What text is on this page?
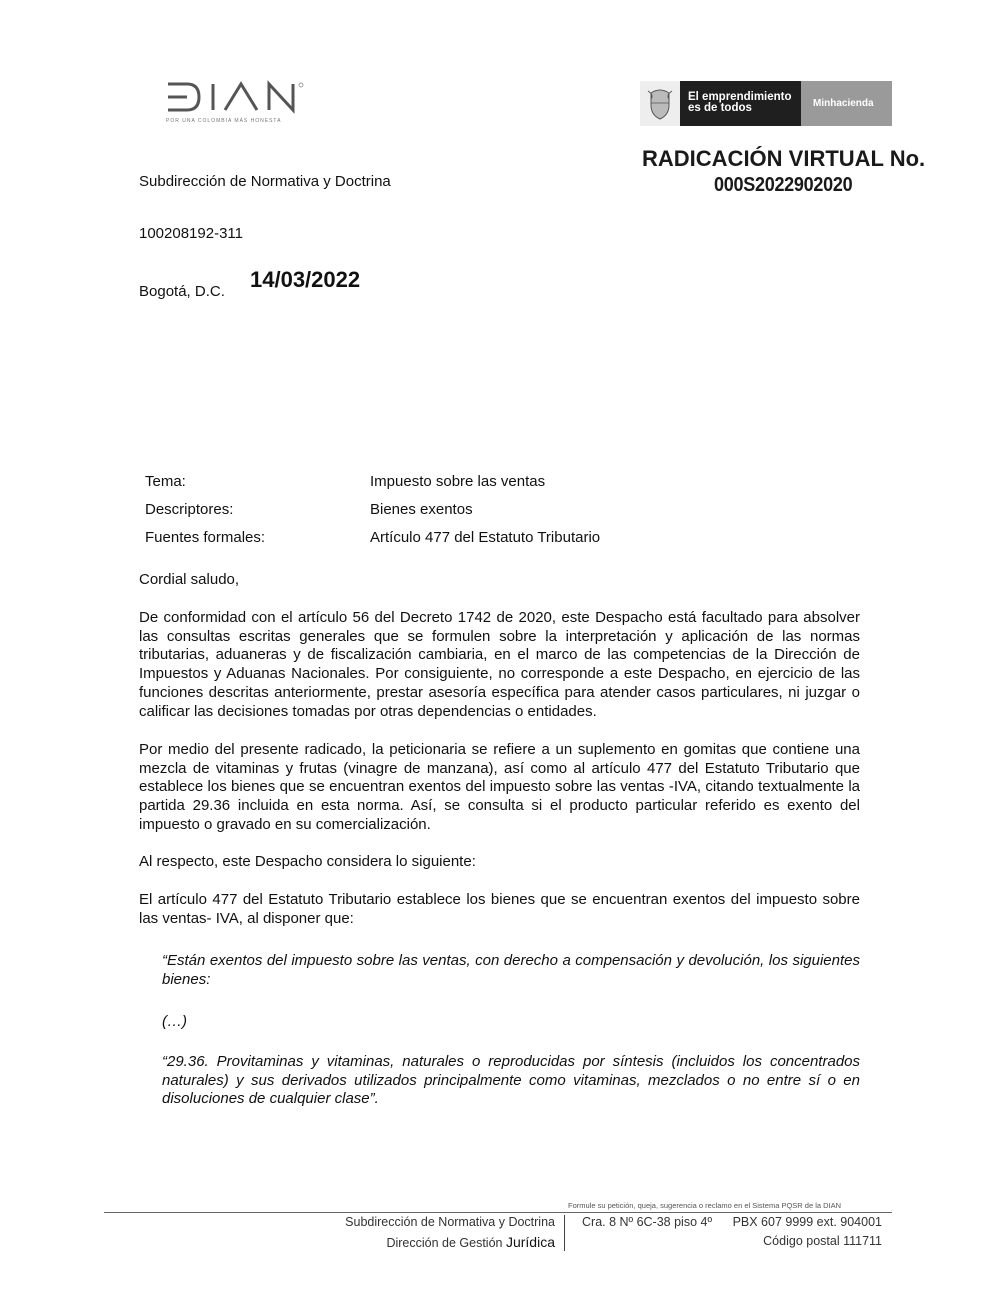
POR UNA COLOMBIA MÁS HONESTA
El emprendimiento
es de todos	Minhacienda
RADICACIÓN VIRTUAL No.
000S2022902020
Subdirección de Normativa y Doctrina
100208192-311
Bogotá, D.C. 14/03/2022
Tema:	Impuesto sobre las ventas
Descriptores:	Bienes exentos
Fuentes formales:	Artículo 477 del Estatuto Tributario
Cordial saludo,
De conformidad con el artículo 56 del Decreto 1742 de 2020, este Despacho está facultado para absolver las consultas escritas generales que se formulen sobre la interpretación y aplicación de las normas tributarias, aduaneras y de fiscalización cambiaria, en el marco de las competencias de la Dirección de Impuestos y Aduanas Nacionales. Por consiguiente, no corresponde a este Despacho, en ejercicio de las funciones descritas anteriormente, prestar asesoría específica para atender casos particulares, ni juzgar o calificar las decisiones tomadas por otras dependencias o entidades.
Por medio del presente radicado, la peticionaria se refiere a un suplemento en gomitas que contiene una mezcla de vitaminas y frutas (vinagre de manzana), así como al artículo 477 del Estatuto Tributario que establece los bienes que se encuentran exentos del impuesto sobre las ventas -IVA, citando textualmente la partida 29.36 incluida en esta norma. Así, se consulta si el producto particular referido es exento del impuesto o gravado en su comercialización.
Al respecto, este Despacho considera lo siguiente:
El artículo 477 del Estatuto Tributario establece los bienes que se encuentran exentos del impuesto sobre las ventas- IVA, al disponer que:
“Están exentos del impuesto sobre las ventas, con derecho a compensación y devolución, los siguientes bienes:
(…)
“29.36. Provitaminas y vitaminas, naturales o reproducidas por síntesis (incluidos los concentrados naturales) y sus derivados utilizados principalmente como vitaminas, mezclados o no entre sí o en disoluciones de cualquier clase”.
Formule su petición, queja, sugerencia o reclamo en el Sistema PQSR de la DIAN
Subdirección de Normativa y Doctrina
Dirección de Gestión Jurídica
Cra. 8 Nº 6C-38 piso 4º PBX 607 9999 ext. 904001
Código postal 111711
